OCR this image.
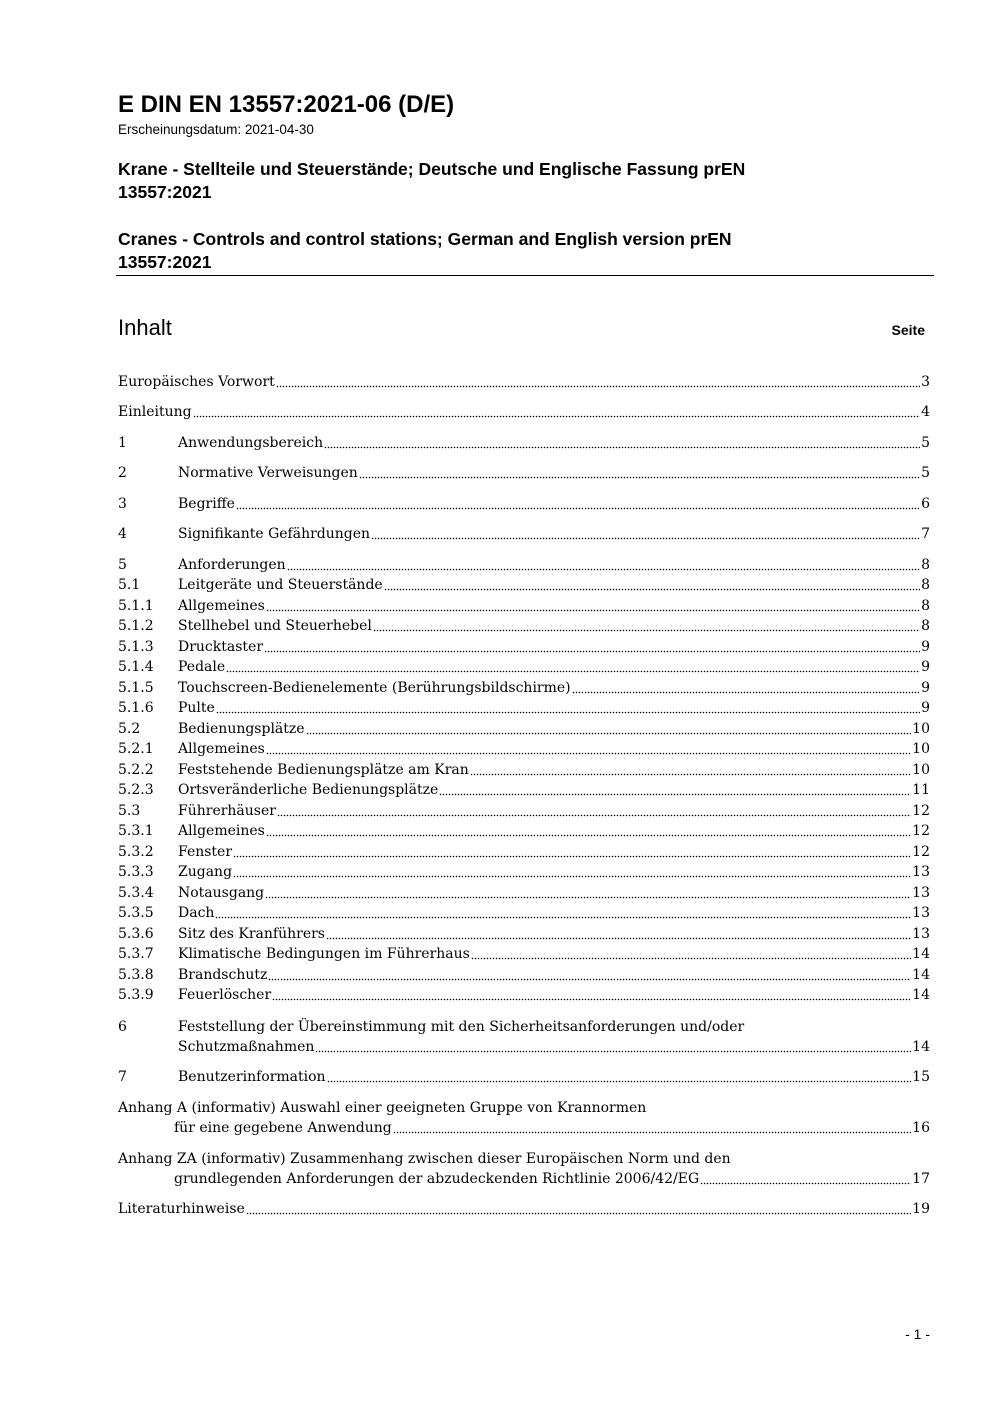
E DIN EN 13557:2021-06 (D/E)
Erscheinungsdatum: 2021-04-30
Krane - Stellteile und Steuerstände; Deutsche und Englische Fassung prEN
13557:2021
Cranes - Controls and control stations; German and English version prEN
13557:2021
Inhalt	Seite
Europäisches Vorwort	3
Einleitung	4
1	Anwendungsbereich	5
2	Normative Verweisungen	5
3	Begriffe	6
4	Signifikante Gefährdungen	7
5	Anforderungen	8
5.1	Leitgeräte und Steuerstände	8
5.1.1	Allgemeines	8
5.1.2	Stellhebel und Steuerhebel	8
5.1.3	Drucktaster	9
5.1.4	Pedale	9
5.1.5	Touchscreen-Bedienelemente (Berührungsbildschirme)	9
5.1.6	Pulte	9
5.2	Bedienungsplätze	10
5.2.1	Allgemeines	10
5.2.2	Feststehende Bedienungsplätze am Kran	10
5.2.3	Ortsveränderliche Bedienungsplätze	11
5.3	Führerhäuser	12
5.3.1	Allgemeines	12
5.3.2	Fenster	12
5.3.3	Zugang	13
5.3.4	Notausgang	13
5.3.5	Dach	13
5.3.6	Sitz des Kranführers	13
5.3.7	Klimatische Bedingungen im Führerhaus	14
5.3.8	Brandschutz	14
5.3.9	Feuerlöscher	14
6	Feststellung der Übereinstimmung mit den Sicherheitsanforderungen und/oder
Schutzmaßnahmen	14
7	Benutzerinformation	15
Anhang A (informativ) Auswahl einer geeigneten Gruppe von Krannormen
für eine gegebene Anwendung	16
Anhang ZA (informativ) Zusammenhang zwischen dieser Europäischen Norm und den
grundlegenden Anforderungen der abzudeckenden Richtlinie 2006/42/EG	17
Literaturhinweise	19
- 1 -
